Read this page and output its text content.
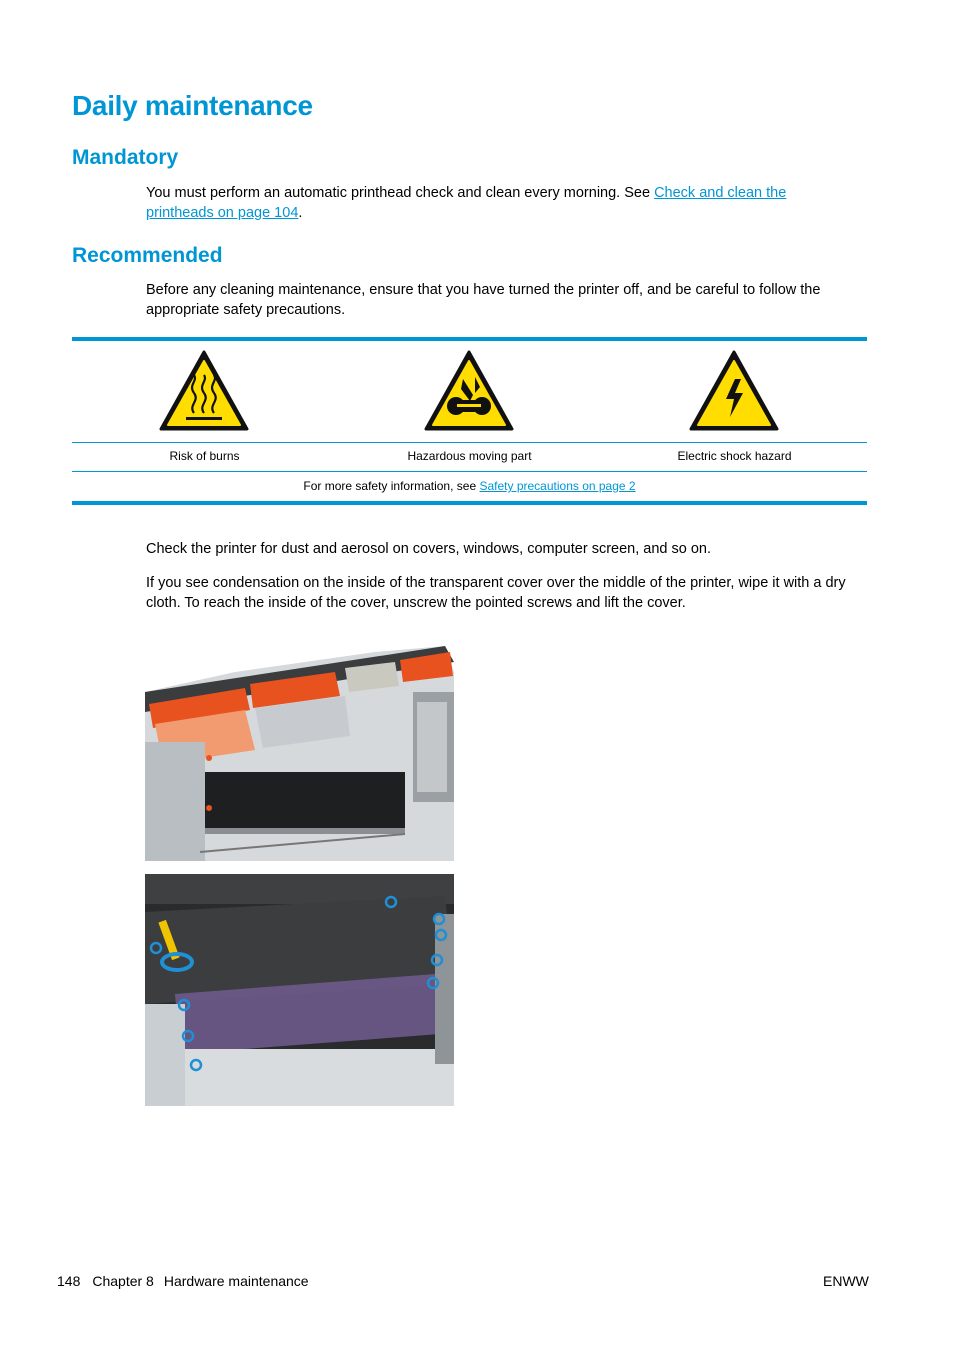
Daily maintenance
Mandatory

You must perform an automatic printhead check and clean every morning. See Check and clean the printheads on page 104.

Recommended

Before any cleaning maintenance, ensure that you have turned the printer off, and be careful to follow the appropriate safety precautions.

Risk of burns	Hazardous moving part	Electric shock hazard
For more safety information, see Safety precautions on page 2

Check the printer for dust and aerosol on covers, windows, computer screen, and so on.

If you see condensation on the inside of the transparent cover over the middle of the printer, wipe it with a dry cloth. To reach the inside of the cover, unscrew the pointed screws and lift the cover.

148 Chapter 8 Hardware maintenance	ENWW
